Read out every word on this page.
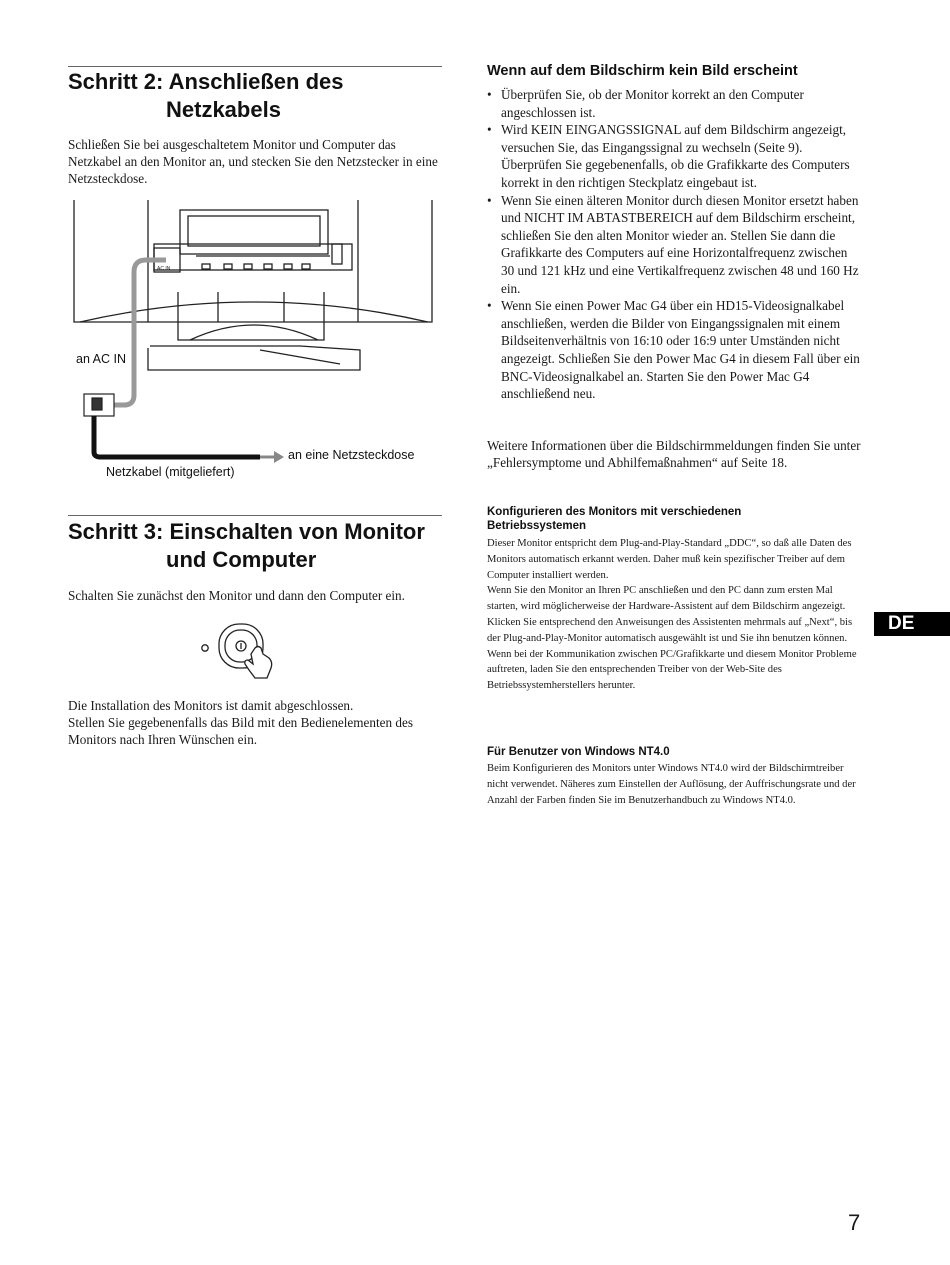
Schritt 2: Anschließen des
Netzkabels

Schließen Sie bei ausgeschaltetem Monitor und Computer das Netzkabel an den Monitor an, und stecken Sie den Netzstecker in eine Netzsteckdose.

AC IN
an AC IN
an eine Netzsteckdose
Netzkabel (mitgeliefert)
Schritt 3: Einschalten von Monitor
und Computer

Schalten Sie zunächst den Monitor und dann den Computer ein.

Die Installation des Monitors ist damit abgeschlossen.

Stellen Sie gegebenenfalls das Bild mit den Bedienelementen des Monitors nach Ihren Wünschen ein.

Wenn auf dem Bildschirm kein Bild erscheint
• Überprüfen Sie, ob der Monitor korrekt an den Computer angeschlossen ist.
• Wird KEIN EINGANGSSIGNAL auf dem Bildschirm angezeigt, versuchen Sie, das Eingangssignal zu wechseln (Seite 9). Überprüfen Sie gegebenenfalls, ob die Grafikkarte des Computers korrekt in den richtigen Steckplatz eingebaut ist.
• Wenn Sie einen älteren Monitor durch diesen Monitor ersetzt haben und NICHT IM ABTASTBEREICH auf dem Bildschirm erscheint, schließen Sie den alten Monitor wieder an. Stellen Sie dann die Grafikkarte des Computers auf eine Horizontalfrequenz zwischen 30 und 121 kHz und eine Vertikalfrequenz zwischen 48 und 160 Hz ein.
• Wenn Sie einen Power Mac G4 über ein HD15-Videosignalkabel anschließen, werden die Bilder von Eingangssignalen mit einem Bildseitenverhältnis von 16:10 oder 16:9 unter Umständen nicht angezeigt. Schließen Sie den Power Mac G4 in diesem Fall über ein BNC-Videosignalkabel an. Starten Sie den Power Mac G4 anschließend neu.

Weitere Informationen über die Bildschirmmeldungen finden Sie unter „Fehlersymptome und Abhilfemaßnahmen“ auf Seite 18.

Konfigurieren des Monitors mit verschiedenen Betriebssystemen

Dieser Monitor entspricht dem Plug-and-Play-Standard „DDC“, so daß alle Daten des Monitors automatisch erkannt werden. Daher muß kein spezifischer Treiber auf dem Computer installiert werden.

Wenn Sie den Monitor an Ihren PC anschließen und den PC dann zum ersten Mal starten, wird möglicherweise der Hardware-Assistent auf dem Bildschirm angezeigt. Klicken Sie entsprechend den Anweisungen des Assistenten mehrmals auf „Next“, bis der Plug-and-Play-Monitor automatisch ausgewählt ist und Sie ihn benutzen können.

Wenn bei der Kommunikation zwischen PC/Grafikkarte und diesem Monitor Probleme auftreten, laden Sie den entsprechenden Treiber von der Web-Site des Betriebssystemherstellers herunter.

Für Benutzer von Windows NT4.0

Beim Konfigurieren des Monitors unter Windows NT4.0 wird der Bildschirmtreiber nicht verwendet. Näheres zum Einstellen der Auflösung, der Auffrischungsrate und der Anzahl der Farben finden Sie im Benutzerhandbuch zu Windows NT4.0.

DE
7
